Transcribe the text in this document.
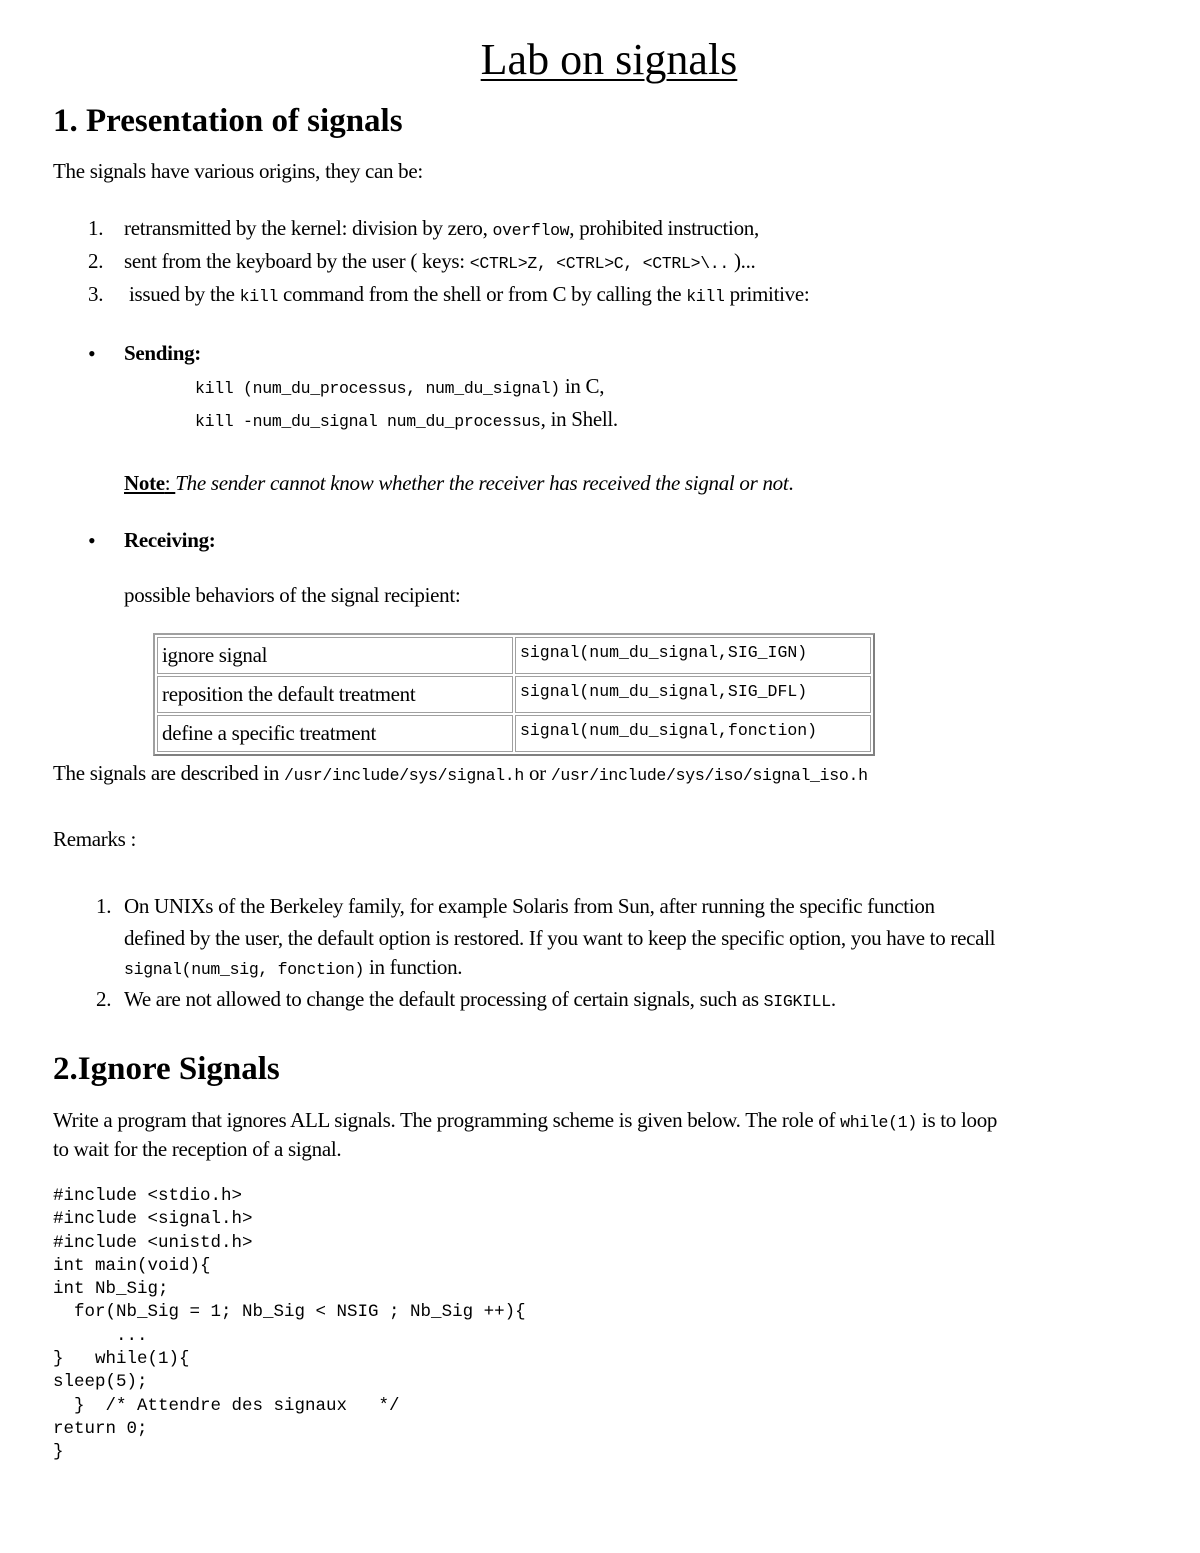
Lab on signals
1. Presentation of signals
The signals have various origins, they can be:
1. retransmitted by the kernel: division by zero, overflow, prohibited instruction,
2. sent from the keyboard by the user ( keys: <CTRL>Z, <CTRL>C, <CTRL>\.. )...
3. issued by the kill command from the shell or from C by calling the kill primitive:
• Sending:
kill (num_du_processus, num_du_signal) in C,
kill -num_du_signal num_du_processus, in Shell.
Note: The sender cannot know whether the receiver has received the signal or not.
• Receiving:
possible behaviors of the signal recipient:
ignore signal	signal(num_du_signal,SIG_IGN)
reposition the default treatment	signal(num_du_signal,SIG_DFL)
define a specific treatment	signal(num_du_signal,fonction)
The signals are described in /usr/include/sys/signal.h or /usr/include/sys/iso/signal_iso.h
Remarks :
1. On UNIXs of the Berkeley family, for example Solaris from Sun, after running the specific function
defined by the user, the default option is restored. If you want to keep the specific option, you have to recall
signal(num_sig, fonction) in function.
2. We are not allowed to change the default processing of certain signals, such as SIGKILL.
2.Ignore Signals
Write a program that ignores ALL signals. The programming scheme is given below. The role of while(1) is to loop
to wait for the reception of a signal.
#include <stdio.h>
#include <signal.h>
#include <unistd.h>
int main(void){
int Nb_Sig;
for(Nb_Sig = 1; Nb_Sig < NSIG ; Nb_Sig ++){
...
}   while(1){
sleep(5);
}  /* Attendre des signaux   */
return 0;
}
